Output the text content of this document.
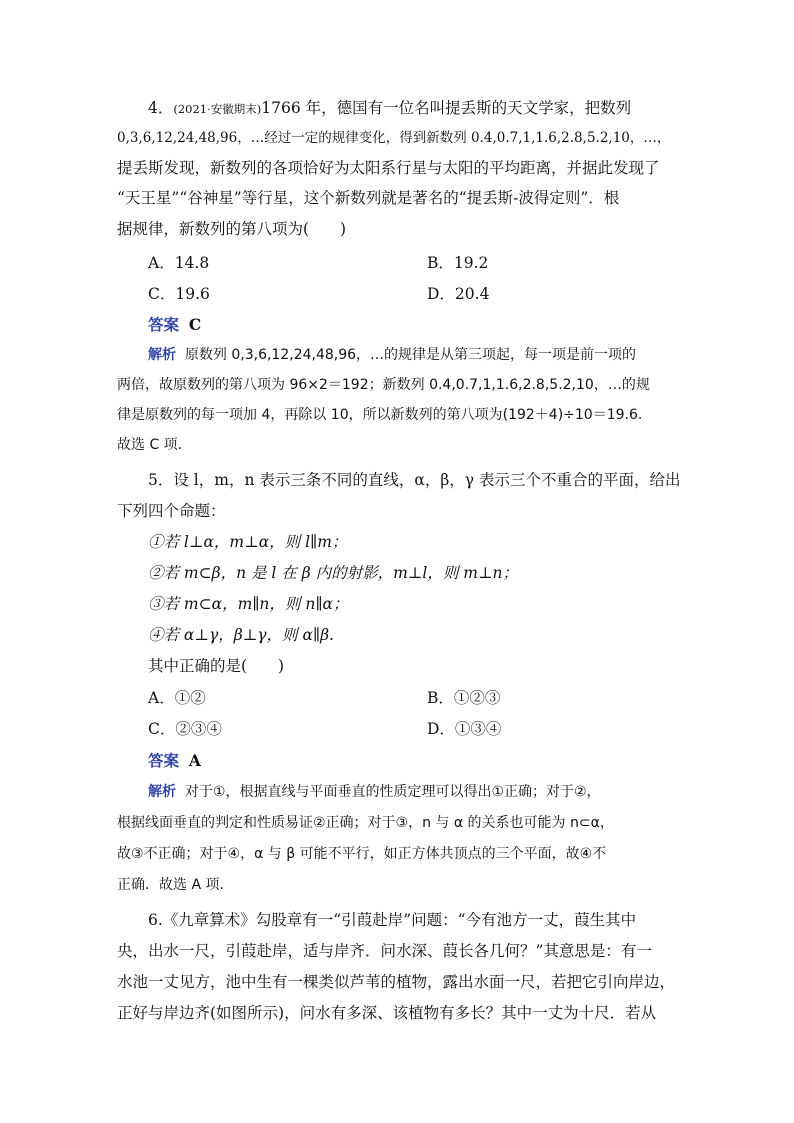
4．(2021·安徽期末)1766 年，德国有一位名叫提丢斯的天文学家，把数列
0,3,6,12,24,48,96，…经过一定的规律变化，得到新数列 0.4,0.7,1,1.6,2.8,5.2,10，…，
提丢斯发现，新数列的各项恰好为太阳系行星与太阳的平均距离，并据此发现了
“天王星”“谷神星”等行星，这个新数列就是著名的“提丢斯-波得定则”．根
据规律，新数列的第八项为(　　)
A．14.8	B．19.2
C．19.6	D．20.4
答案 C
解析 原数列 0,3,6,12,24,48,96，…的规律是从第三项起，每一项是前一项的
两倍，故原数列的第八项为 96×2＝192；新数列 0.4,0.7,1,1.6,2.8,5.2,10，…的规
律是原数列的每一项加 4，再除以 10，所以新数列的第八项为(192＋4)÷10＝19.6.
故选 C 项.
5．设 l，m，n 表示三条不同的直线，α，β，γ 表示三个不重合的平面，给出
下列四个命题：
①若 l⊥α，m⊥α，则 l∥m；
②若 m⊂β，n 是 l 在 β 内的射影，m⊥l，则 m⊥n；
③若 m⊂α，m∥n，则 n∥α；
④若 α⊥γ，β⊥γ，则 α∥β.
其中正确的是(　　)
A．①②	B．①②③
C．②③④	D．①③④
答案 A
解析 对于①，根据直线与平面垂直的性质定理可以得出①正确；对于②，
根据线面垂直的判定和性质易证②正确；对于③，n 与 α 的关系也可能为 n⊂α，
故③不正确；对于④，α 与 β 可能不平行，如正方体共顶点的三个平面，故④不
正确．故选 A 项.
6.《九章算术》勾股章有一“引葭赴岸”问题：“今有池方一丈，葭生其中
央，出水一尺，引葭赴岸，适与岸齐．问水深、葭长各几何？”其意思是：有一
水池一丈见方，池中生有一棵类似芦苇的植物，露出水面一尺，若把它引向岸边，
正好与岸边齐(如图所示)，问水有多深、该植物有多长？其中一丈为十尺．若从
